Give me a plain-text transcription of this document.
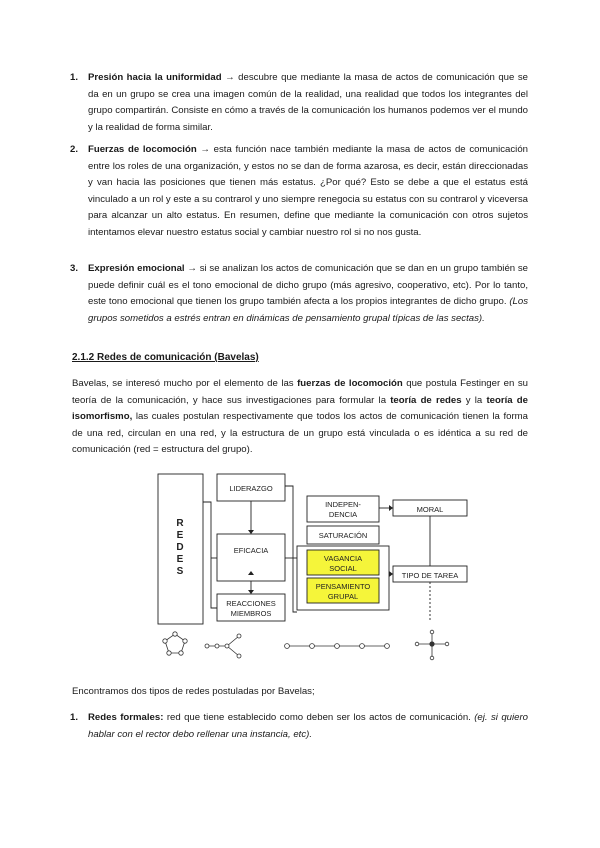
1. Presión hacia la uniformidad → descubre que mediante la masa de actos de comunicación que se da en un grupo se crea una imagen común de la realidad, una realidad que todos los integrantes del grupo compartirán. Consiste en cómo a través de la comunicación los humanos podemos ver el mundo y la realidad de forma similar.
2. Fuerzas de locomoción → esta función nace también mediante la masa de actos de comunicación entre los roles de una organización, y estos no se dan de forma azarosa, es decir, están direccionadas y van hacia las posiciones que tienen más estatus. ¿Por qué? Esto se debe a que el estatus está vinculado a un rol y este a su contrarol y uno siempre renegocia su estatus con su contrarol y viceversa para alcanzar un alto estatus. En resumen, define que mediante la comunicación con otros sujetos intentamos elevar nuestro estatus social y cambiar nuestro rol si no nos gusta.
3. Expresión emocional → si se analizan los actos de comunicación que se dan en un grupo también se puede definir cuál es el tono emocional de dicho grupo (más agresivo, cooperativo, etc). Por lo tanto, este tono emocional que tienen los grupo también afecta a los propios integrantes de dicho grupo. (Los grupos sometidos a estrés entran en dinámicas de pensamiento grupal típicas de las sectas).
2.1.2 Redes de comunicación (Bavelas)
Bavelas, se interesó mucho por el elemento de las fuerzas de locomoción que postula Festinger en su teoría de la comunicación, y hace sus investigaciones para formular la teoría de redes y la teoría de isomorfismo, las cuales postulan respectivamente que todos los actos de comunicación tienen la forma de una red, circulan en una red, y la estructura de un grupo está vinculada o es idéntica a su red de comunicación (red = estructura del grupo).
R
E
D
E
S
LIDERAZGO
EFICACIA
REACCIONES
MIEMBROS
INDEPEN-
DENCIA
SATURACIÓN
VAGANCIA
SOCIAL
PENSAMIENTO
GRUPAL
MORAL
TIPO DE TAREA
Encontramos dos tipos de redes postuladas por Bavelas;
1. Redes formales: red que tiene establecido como deben ser los actos de comunicación. (ej. si quiero hablar con el rector debo rellenar una instancia, etc).
